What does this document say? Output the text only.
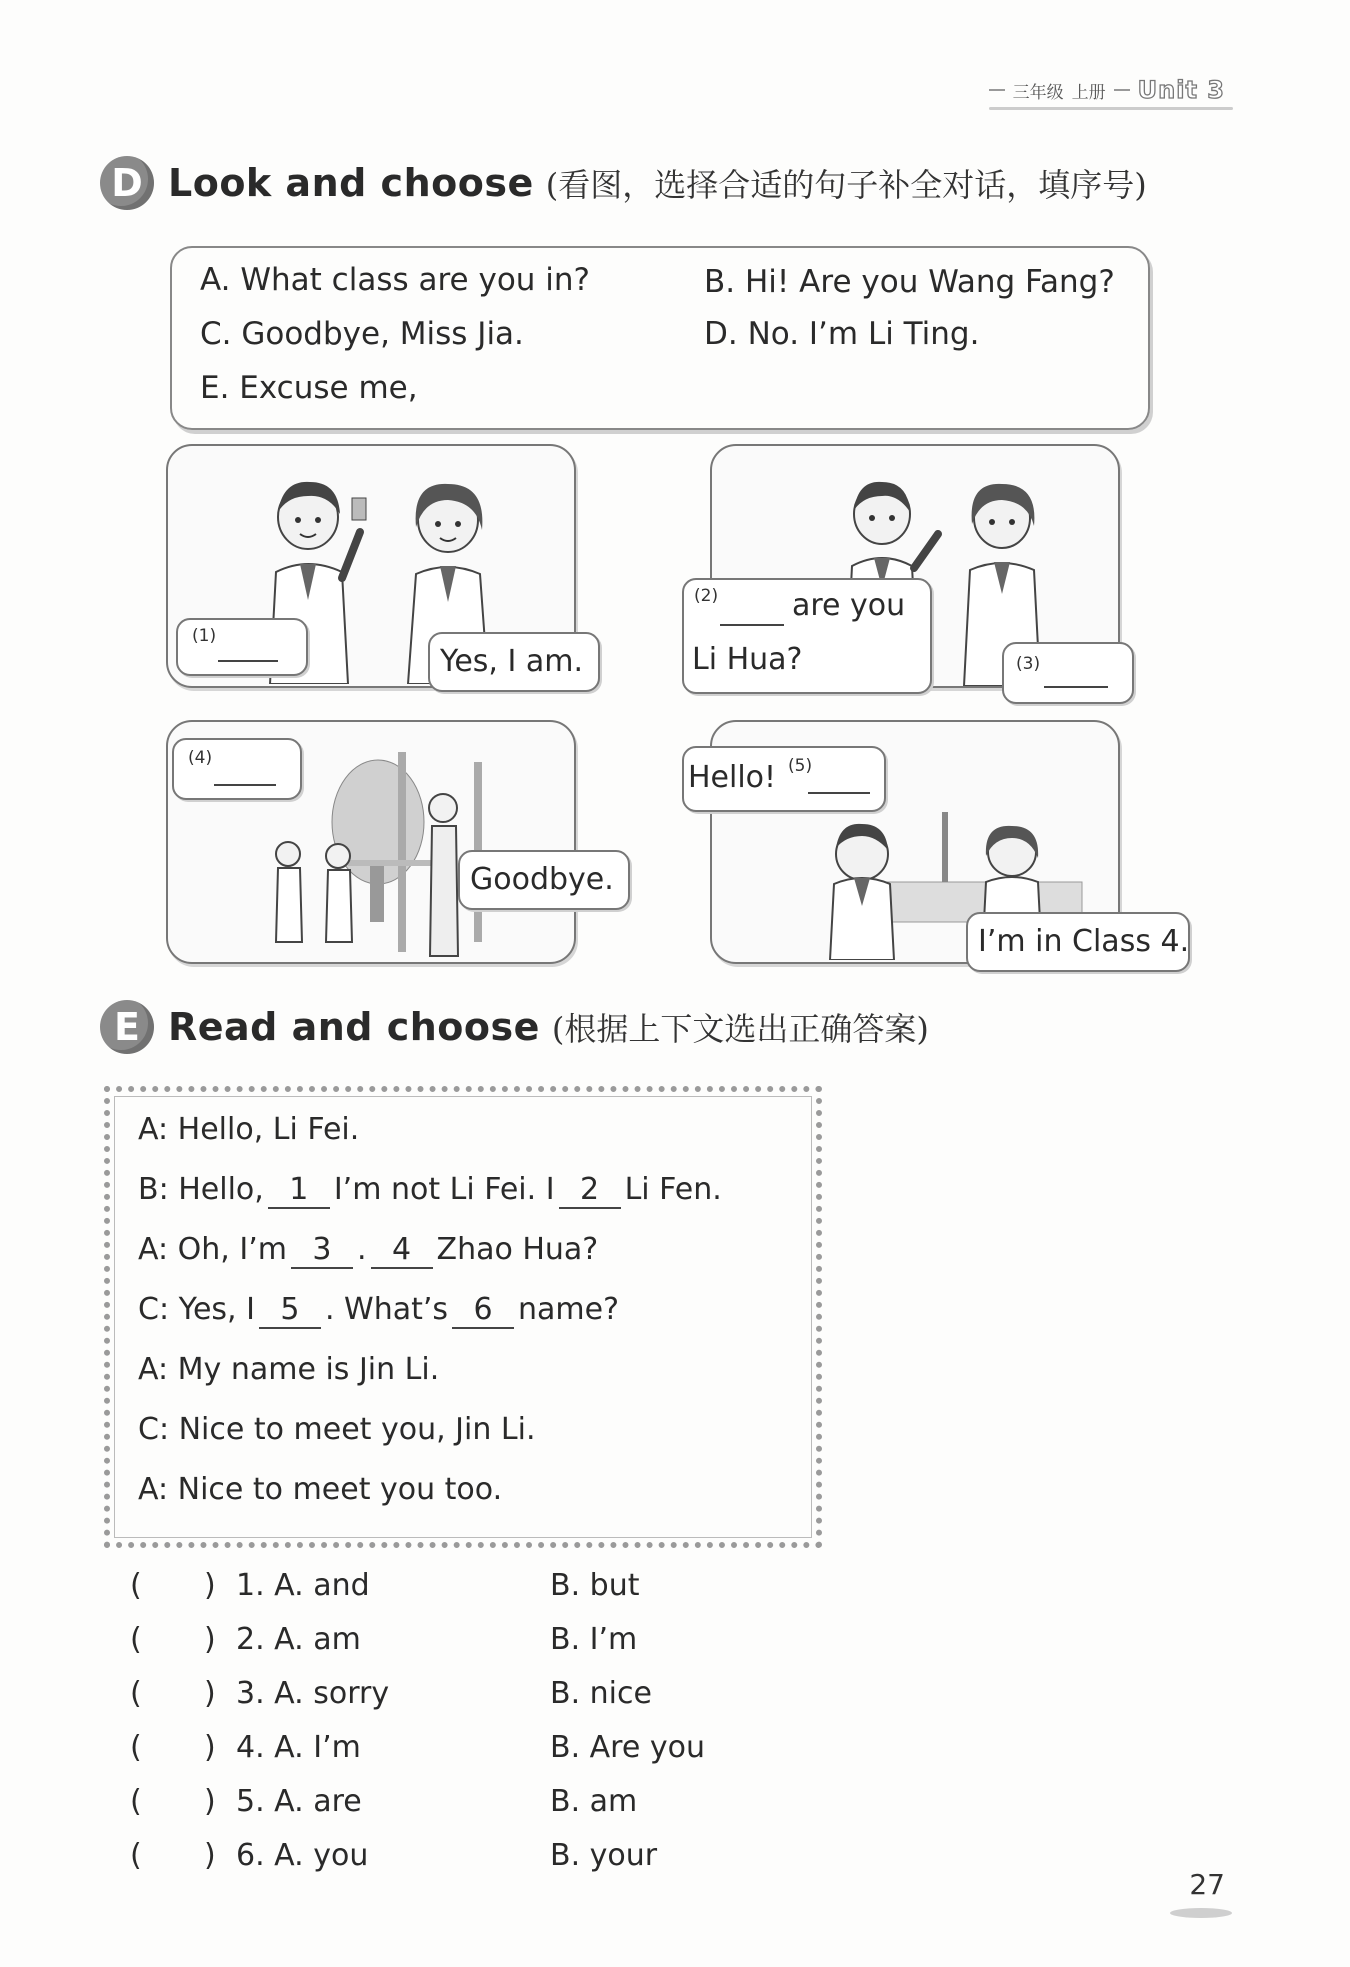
三年级 上册 Unit 3
D Look and choose (看图，选择合适的句子补全对话，填序号)
A. What class are you in?	B. Hi! Are you Wang Fang?
C. Goodbye, Miss Jia.	D. No. I’m Li Ting.
E. Excuse me,
(1)
Yes, I am.
(2) are you
Li Hua?	(3)
(4)
Goodbye.
Hello! (5)
I’m in Class 4.
E Read and choose (根据上下文选出正确答案)
A: Hello, Li Fei.
B: Hello, 1 I’m not Li Fei. I 2 Li Fen.
A: Oh, I’m 3 . 4 Zhao Hua?
C: Yes, I 5 . What’s 6 name?
A: My name is Jin Li.
C: Nice to meet you, Jin Li.
A: Nice to meet you too.
( ) 1. A. and	B. but
( ) 2. A. am	B. I’m
( ) 3. A. sorry	B. nice
( ) 4. A. I’m	B. Are you
( ) 5. A. are	B. am
( ) 6. A. you	B. your
27
